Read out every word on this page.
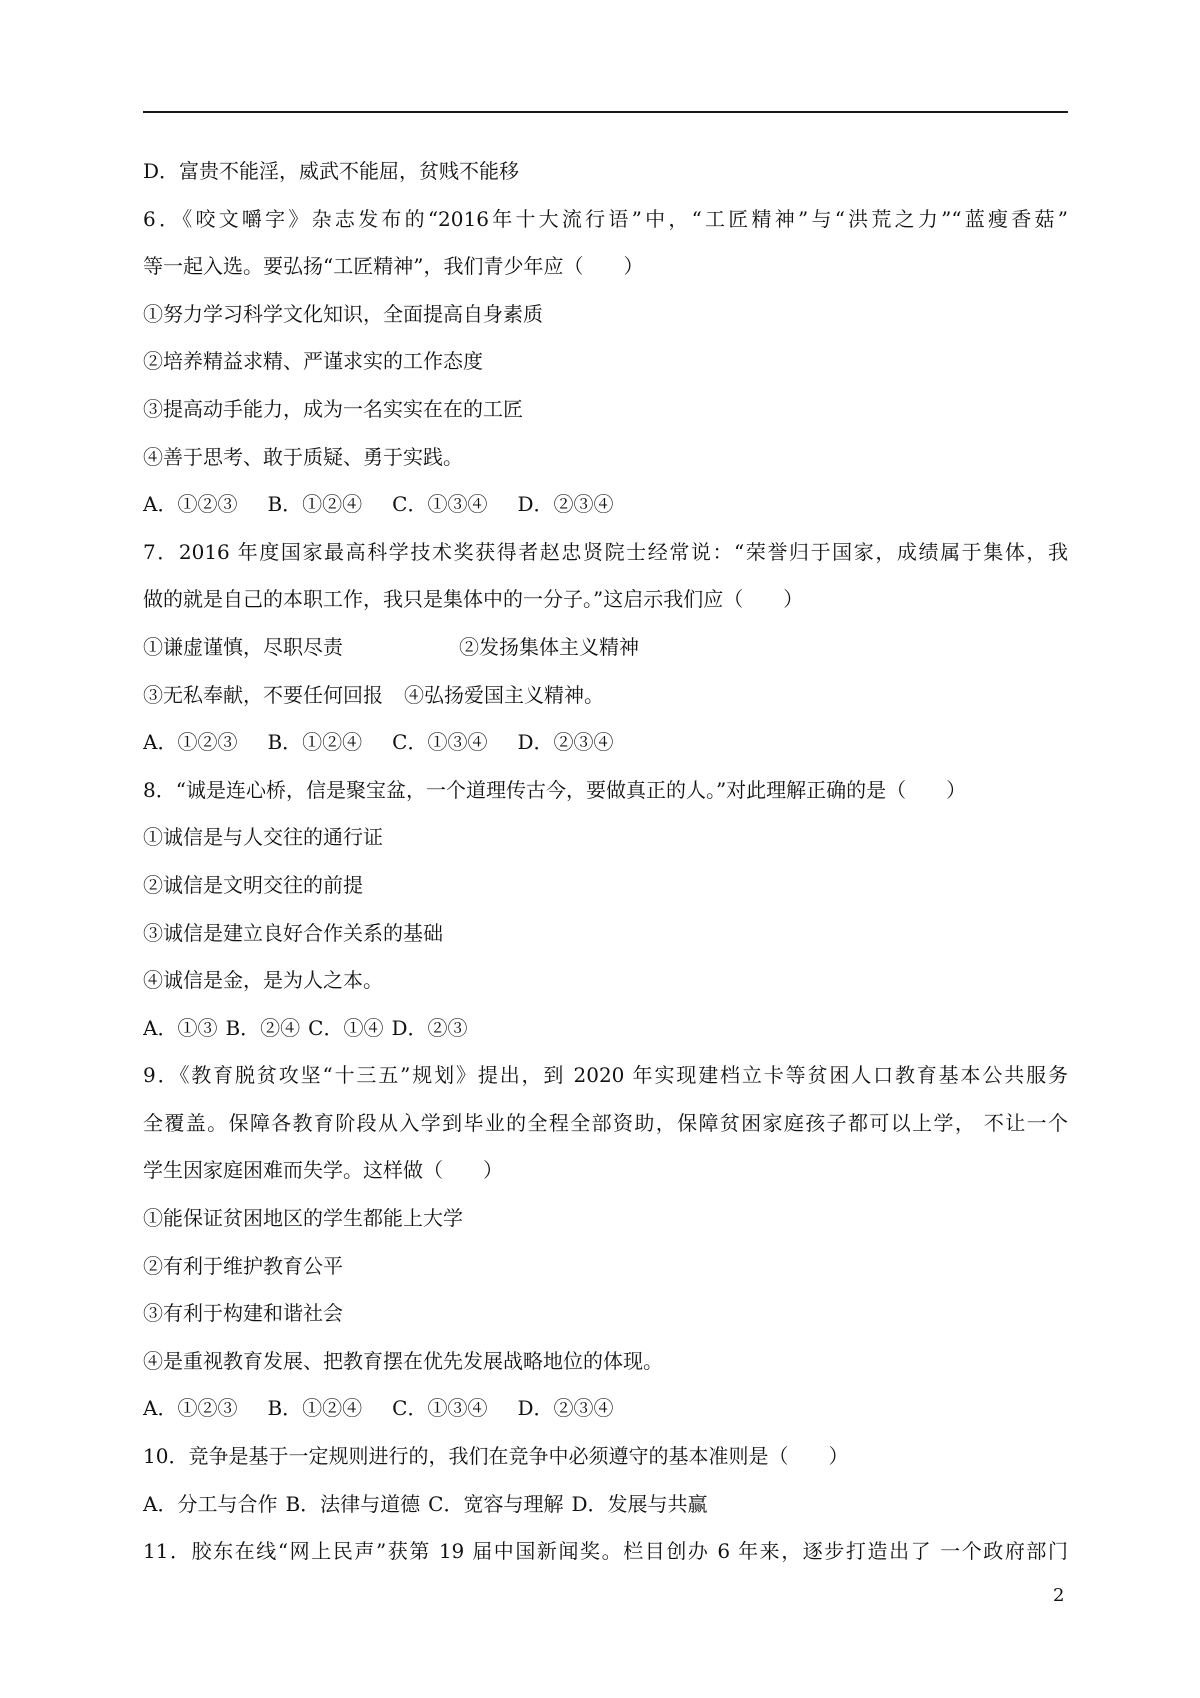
D．富贵不能淫，威武不能屈，贫贱不能移
6．《咬文嚼字》杂志发布的“2016年十大流行语”中，“工匠精神”与“洪荒之力”“蓝瘦香菇”
等一起入选。要弘扬“工匠精神”，我们青少年应（　　）
①努力学习科学文化知识，全面提高自身素质
②培养精益求精、严谨求实的工作态度
③提高动手能力，成为一名实实在在的工匠
④善于思考、敢于质疑、勇于实践。
A．①②③ B．①②④ C．①③④ D．②③④
7．2016 年度国家最高科学技术奖获得者赵忠贤院士经常说：“荣誉归于国家，成绩属于集体，我
做的就是自己的本职工作，我只是集体中的一分子。”这启示我们应（　　）
①谦虚谨慎，尽职尽责	②发扬集体主义精神
③无私奉献，不要任何回报 ④弘扬爱国主义精神。
A．①②③ B．①②④ C．①③④ D．②③④
8．“诚是连心桥，信是聚宝盆，一个道理传古今，要做真正的人。”对此理解正确的是（　　）
①诚信是与人交往的通行证
②诚信是文明交往的前提
③诚信是建立良好合作关系的基础
④诚信是金，是为人之本。
A．①③ B．②④ C．①④ D．②③
9．《教育脱贫攻坚“十三五”规划》提出，到 2020 年实现建档立卡等贫困人口教育基本公共服务
全覆盖。保障各教育阶段从入学到毕业的全程全部资助，保障贫困家庭孩子都可以上学， 不让一个
学生因家庭困难而失学。这样做（　　）
①能保证贫困地区的学生都能上大学
②有利于维护教育公平
③有利于构建和谐社会
④是重视教育发展、把教育摆在优先发展战略地位的体现。
A．①②③ B．①②④ C．①③④ D．②③④
10．竞争是基于一定规则进行的，我们在竞争中必须遵守的基本准则是（　　）
A．分工与合作 B．法律与道德 C．宽容与理解 D．发展与共赢
11．胶东在线“网上民声”获第 19 届中国新闻奖。栏目创办 6 年来，逐步打造出了 一个政府部门
2
